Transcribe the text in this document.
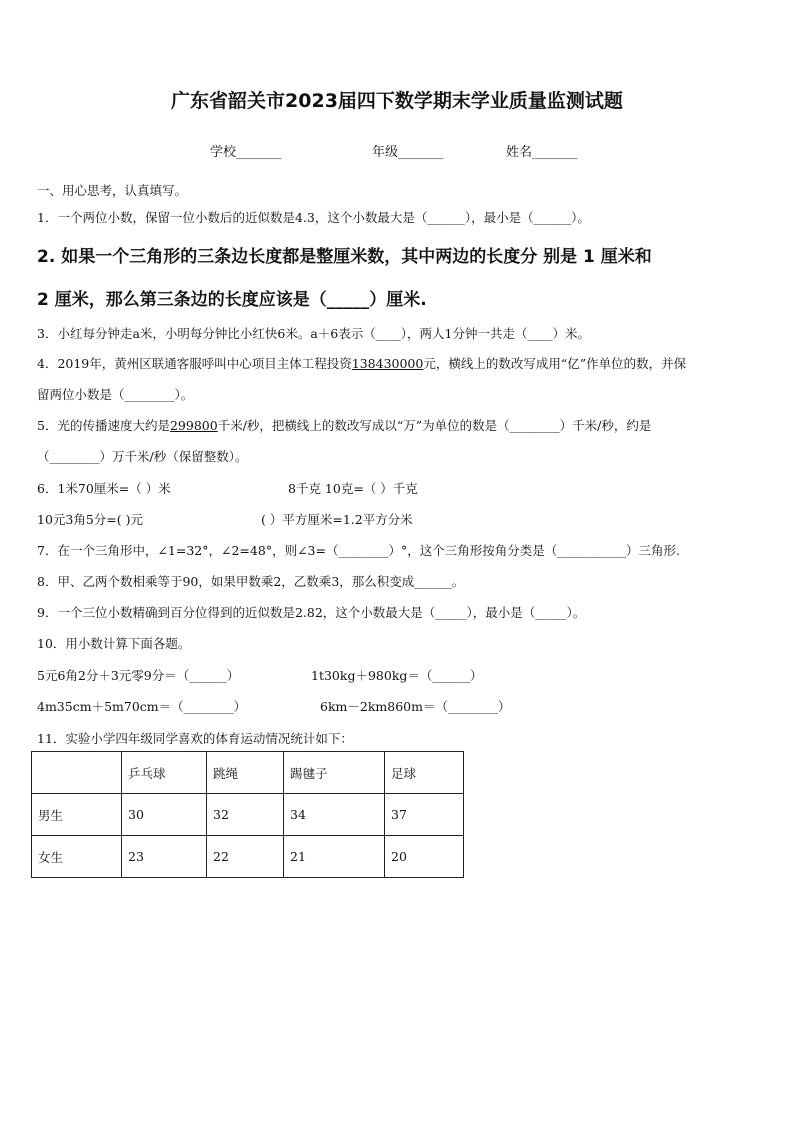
广东省韶关市2023届四下数学期末学业质量监测试题
学校_______	年级_______	姓名_______
一、用心思考，认真填写。
1．一个两位小数，保留一位小数后的近似数是4.3，这个小数最大是（______），最小是（______）。
2. 如果一个三角形的三条边长度都是整厘米数，其中两边的长度分 别是 1 厘米和
2 厘米，那么第三条边的长度应该是（_____）厘米.
3．小红每分钟走a米，小明每分钟比小红快6米。a＋6表示（____），两人1分钟一共走（____）米。
4．2019年，黄州区联通客服呼叫中心项目主体工程投资138430000元，横线上的数改写成用“亿”作单位的数，并保
留两位小数是（________）。
5．光的传播速度大约是299800千米/秒，把横线上的数改写成以“万”为单位的数是（________）千米/秒，约是
（________）万千米/秒（保留整数）。
6．1米70厘米=（ ）米	8千克 10克=（ ）千克
10元3角5分=( )元	( ）平方厘米=1.2平方分米
7．在一个三角形中，∠1=32°，∠2=48°，则∠3=（________）°，这个三角形按角分类是（___________）三角形.
8．甲、乙两个数相乘等于90，如果甲数乘2，乙数乘3，那么积变成______。
9．一个三位小数精确到百分位得到的近似数是2.82，这个小数最大是（_____），最小是（_____）。
10．用小数计算下面各题。
5元6角2分＋3元零9分＝（______）	1t30kg＋980kg＝（______）
4m35cm＋5m70cm＝（________）	6km－2km860m＝（________）
11．实验小学四年级同学喜欢的体育运动情况统计如下：
	乒乓球	跳绳	踢毽子	足球
男生	30	32	34	37
女生	23	22	21	20
